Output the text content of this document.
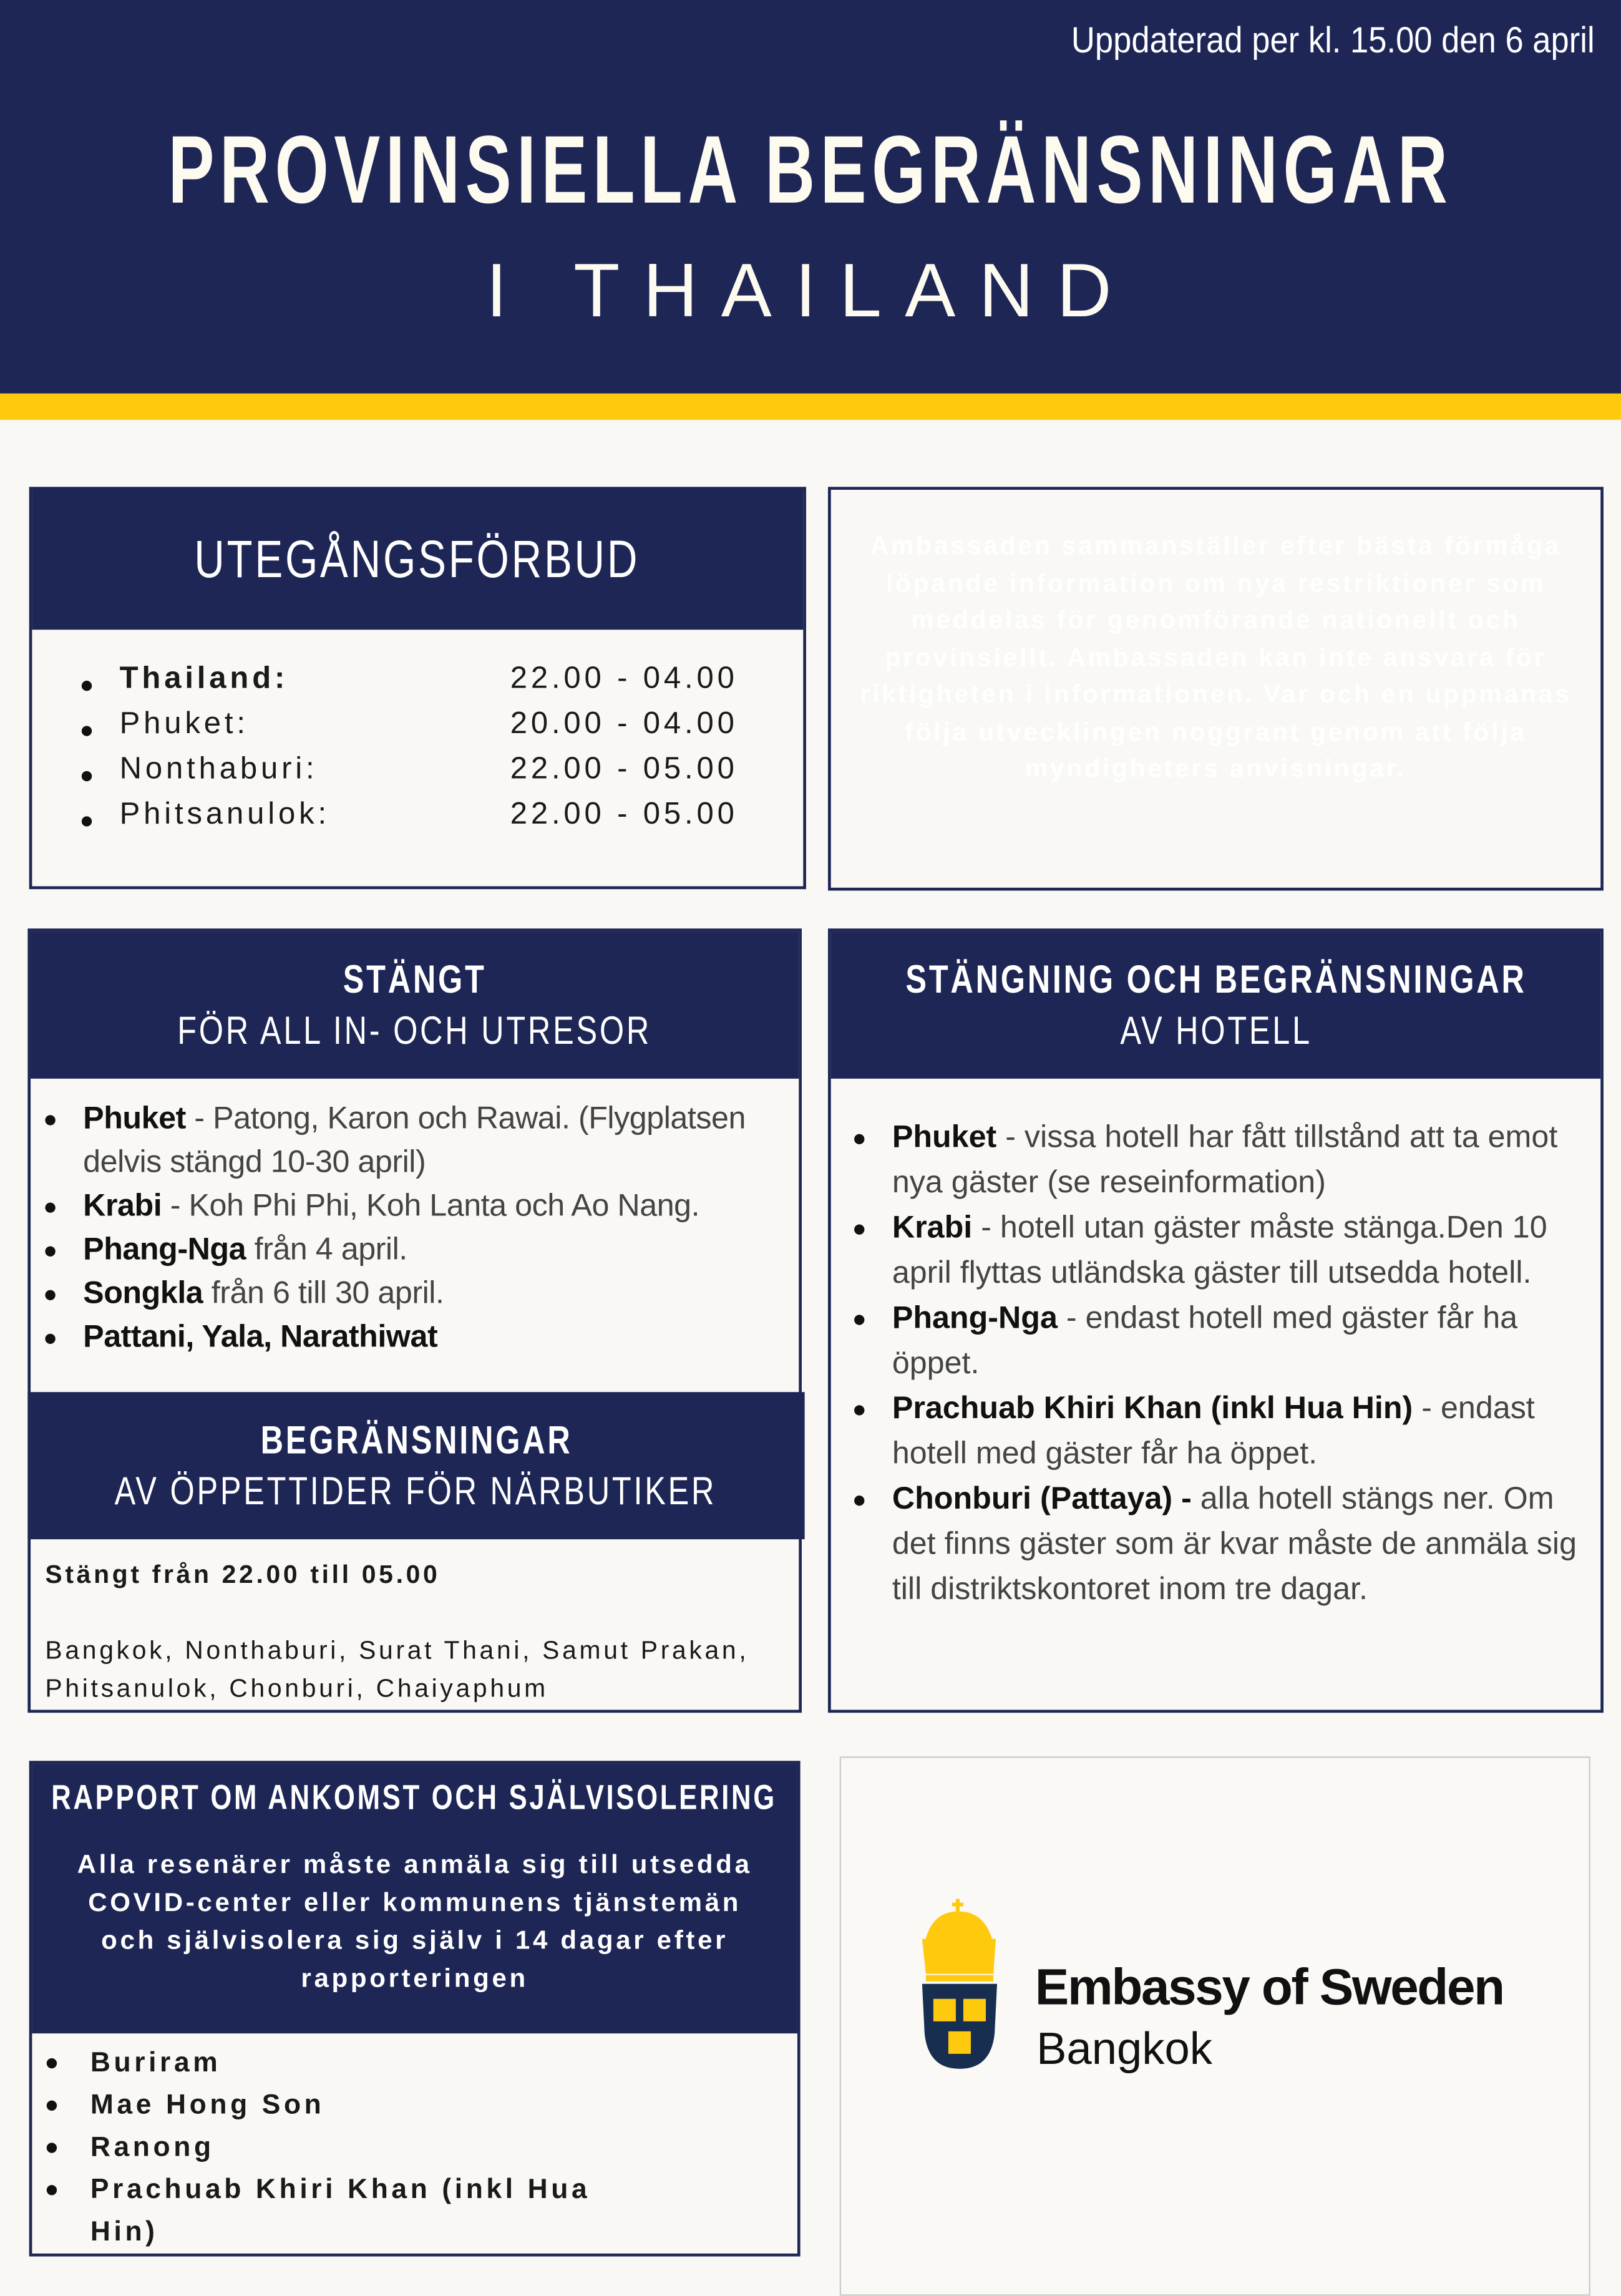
Uppdaterad per kl. 15.00 den 6 april
PROVINSIELLA BEGRÄNSNINGAR
I THAILAND
UTEGÅNGSFÖRBUD
Thailand:	22.00 - 04.00
Phuket:	20.00 - 04.00
Nonthaburi:	22.00 - 05.00
Phitsanulok:	22.00 - 05.00
Ambassaden sammanställer efter bästa förmåga löpande information om nya restriktioner som meddelas för genomförande nationellt och provinsiellt. Ambassaden kan inte ansvara för riktigheten i informationen. Var och en uppmanas följa utvecklingen noggrant genom att följa myndigheters anvisningar.
STÄNGT
FÖR ALL IN- OCH UTRESOR
Phuket - Patong, Karon och Rawai. (Flygplatsen delvis stängd 10-30 april)
Krabi - Koh Phi Phi, Koh Lanta och Ao Nang.
Phang-Nga från 4 april.
Songkla från 6 till 30 april.
Pattani, Yala, Narathiwat
BEGRÄNSNINGAR
AV ÖPPETTIDER FÖR NÄRBUTIKER
Stängt från 22.00 till 05.00
Bangkok, Nonthaburi, Surat Thani, Samut Prakan, Phitsanulok, Chonburi, Chaiyaphum
STÄNGNING OCH BEGRÄNSNINGAR
AV HOTELL
Phuket - vissa hotell har fått tillstånd att ta emot nya gäster (se reseinformation)
Krabi - hotell utan gäster måste stänga.Den 10 april flyttas utländska gäster till utsedda hotell.
Phang-Nga - endast hotell med gäster får ha öppet.
Prachuab Khiri Khan (inkl Hua Hin) - endast hotell med gäster får ha öppet.
Chonburi (Pattaya) - alla hotell stängs ner. Om det finns gäster som är kvar måste de anmäla sig till distriktskontoret inom tre dagar.
RAPPORT OM ANKOMST OCH SJÄLVISOLERING
Alla resenärer måste anmäla sig till utsedda COVID-center eller kommunens tjänstemän och självisolera sig själv i 14 dagar efter rapporteringen
Buriram
Mae Hong Son
Ranong
Prachuab Khiri Khan (inkl Hua Hin)
Embassy of Sweden
Bangkok
